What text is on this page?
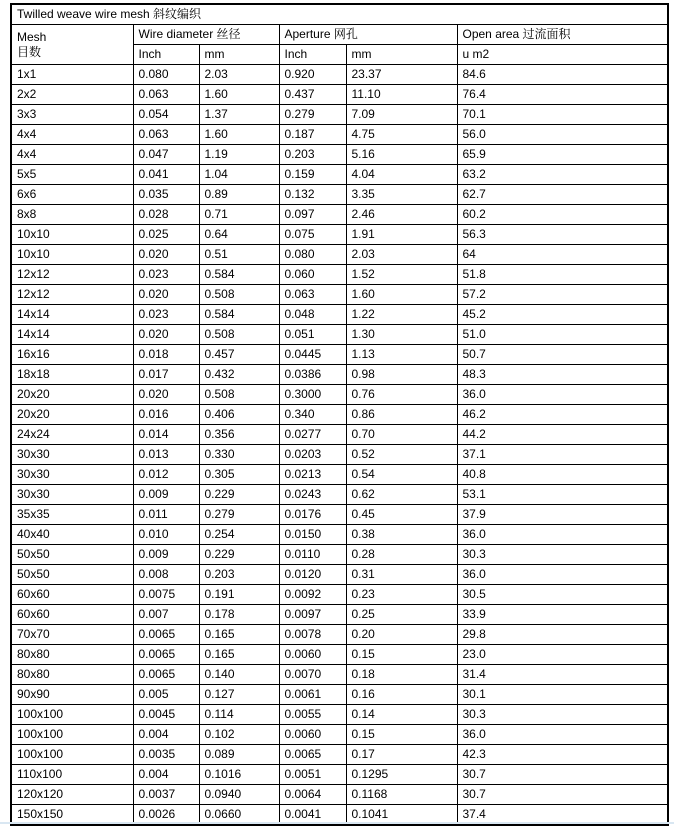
Twilled weave wire mesh 斜纹编织					

Mesh
目数	Wire diameter 丝径		Aperture 网孔		Open area 过流面积
	Inch	mm	Inch	mm	u m2
1x1	0.080	2.03	0.920	23.37	84.6
2x2	0.063	1.60	0.437	11.10	76.4
3x3	0.054	1.37	0.279	7.09	70.1
4x4	0.063	1.60	0.187	4.75	56.0
4x4	0.047	1.19	0.203	5.16	65.9
5x5	0.041	1.04	0.159	4.04	63.2
6x6	0.035	0.89	0.132	3.35	62.7
8x8	0.028	0.71	0.097	2.46	60.2
10x10	0.025	0.64	0.075	1.91	56.3
10x10	0.020	0.51	0.080	2.03	64
12x12	0.023	0.584	0.060	1.52	51.8
12x12	0.020	0.508	0.063	1.60	57.2
14x14	0.023	0.584	0.048	1.22	45.2
14x14	0.020	0.508	0.051	1.30	51.0
16x16	0.018	0.457	0.0445	1.13	50.7
18x18	0.017	0.432	0.0386	0.98	48.3
20x20	0.020	0.508	0.3000	0.76	36.0
20x20	0.016	0.406	0.340	0.86	46.2
24x24	0.014	0.356	0.0277	0.70	44.2
30x30	0.013	0.330	0.0203	0.52	37.1
30x30	0.012	0.305	0.0213	0.54	40.8
30x30	0.009	0.229	0.0243	0.62	53.1
35x35	0.011	0.279	0.0176	0.45	37.9
40x40	0.010	0.254	0.0150	0.38	36.0
50x50	0.009	0.229	0.0110	0.28	30.3
50x50	0.008	0.203	0.0120	0.31	36.0
60x60	0.0075	0.191	0.0092	0.23	30.5
60x60	0.007	0.178	0.0097	0.25	33.9
70x70	0.0065	0.165	0.0078	0.20	29.8
80x80	0.0065	0.165	0.0060	0.15	23.0
80x80	0.0065	0.140	0.0070	0.18	31.4
90x90	0.005	0.127	0.0061	0.16	30.1
100x100	0.0045	0.114	0.0055	0.14	30.3
100x100	0.004	0.102	0.0060	0.15	36.0
100x100	0.0035	0.089	0.0065	0.17	42.3
110x100	0.004	0.1016	0.0051	0.1295	30.7
120x120	0.0037	0.0940	0.0064	0.1168	30.7
150x150	0.0026	0.0660	0.0041	0.1041	37.4
